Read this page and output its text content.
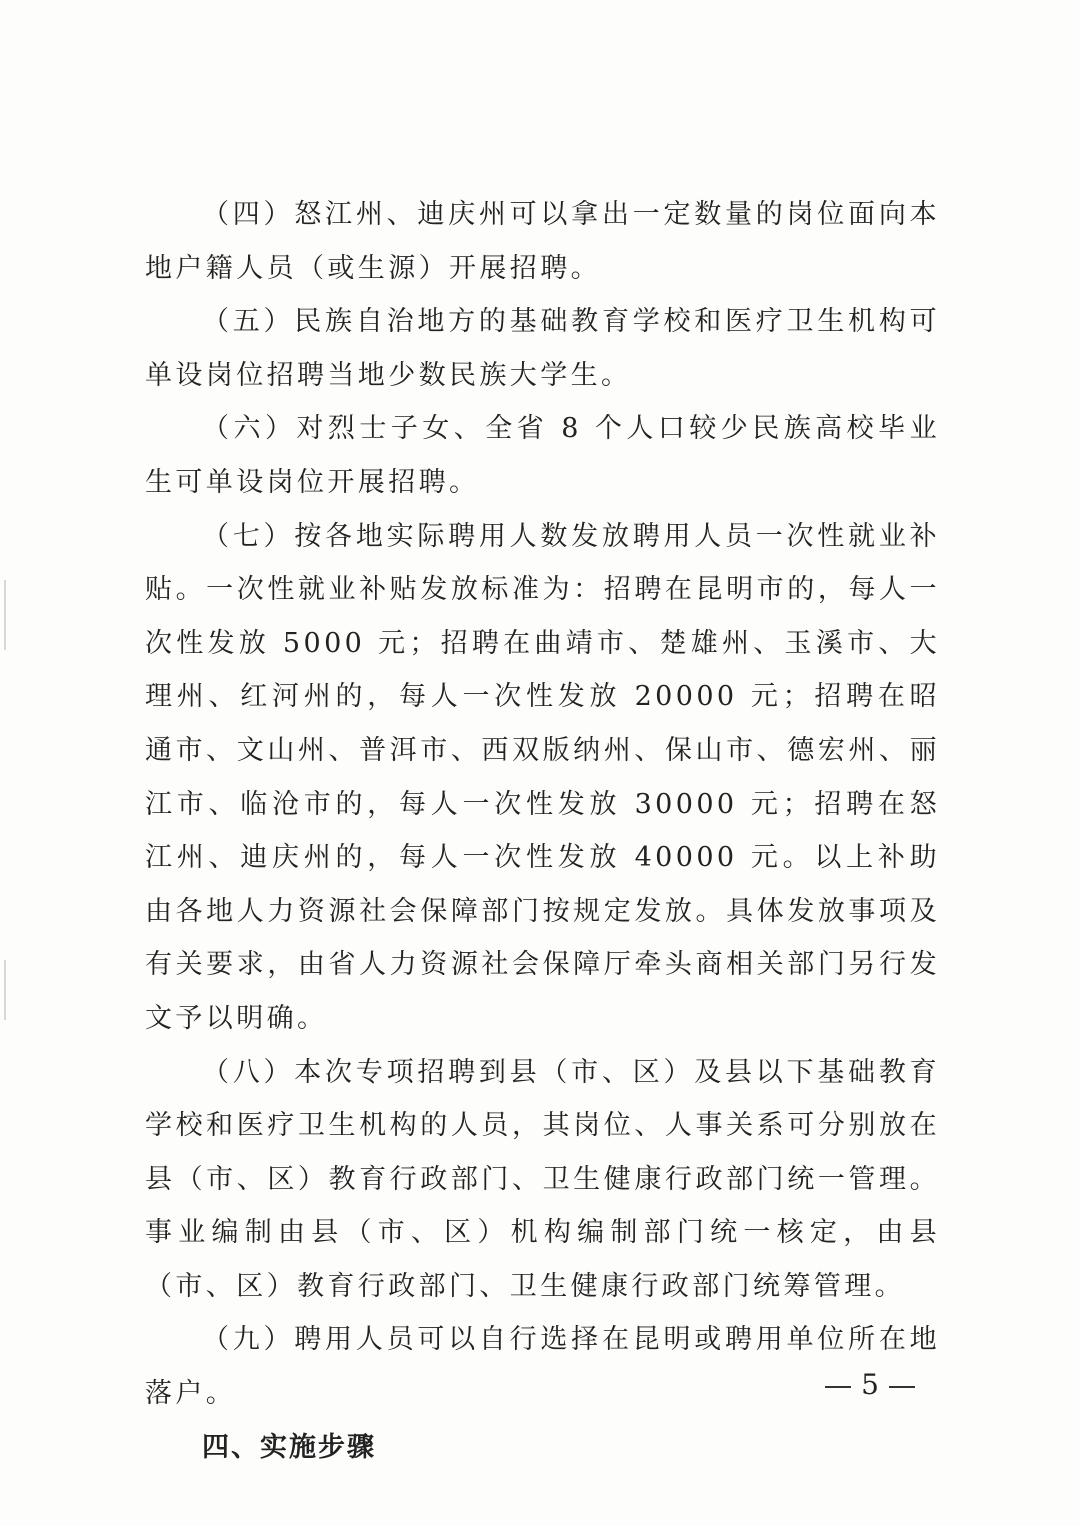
（四）怒江州、迪庆州可以拿出一定数量的岗位面向本地户籍人员（或生源）开展招聘。

（五）民族自治地方的基础教育学校和医疗卫生机构可单设岗位招聘当地少数民族大学生。

（六）对烈士子女、全省 8 个人口较少民族高校毕业生可单设岗位开展招聘。

（七）按各地实际聘用人数发放聘用人员一次性就业补贴。一次性就业补贴发放标准为：招聘在昆明市的，每人一次性发放 5000 元；招聘在曲靖市、楚雄州、玉溪市、大理州、红河州的，每人一次性发放 20000 元；招聘在昭通市、文山州、普洱市、西双版纳州、保山市、德宏州、丽江市、临沧市的，每人一次性发放 30000 元；招聘在怒江州、迪庆州的，每人一次性发放 40000 元。以上补助由各地人力资源社会保障部门按规定发放。具体发放事项及有关要求，由省人力资源社会保障厅牵头商相关部门另行发文予以明确。

（八）本次专项招聘到县（市、区）及县以下基础教育学校和医疗卫生机构的人员，其岗位、人事关系可分别放在县（市、区）教育行政部门、卫生健康行政部门统一管理。事业编制由县（市、区）机构编制部门统一核定，由县（市、区）教育行政部门、卫生健康行政部门统筹管理。

（九）聘用人员可以自行选择在昆明或聘用单位所在地落户。

四、实施步骤

5
